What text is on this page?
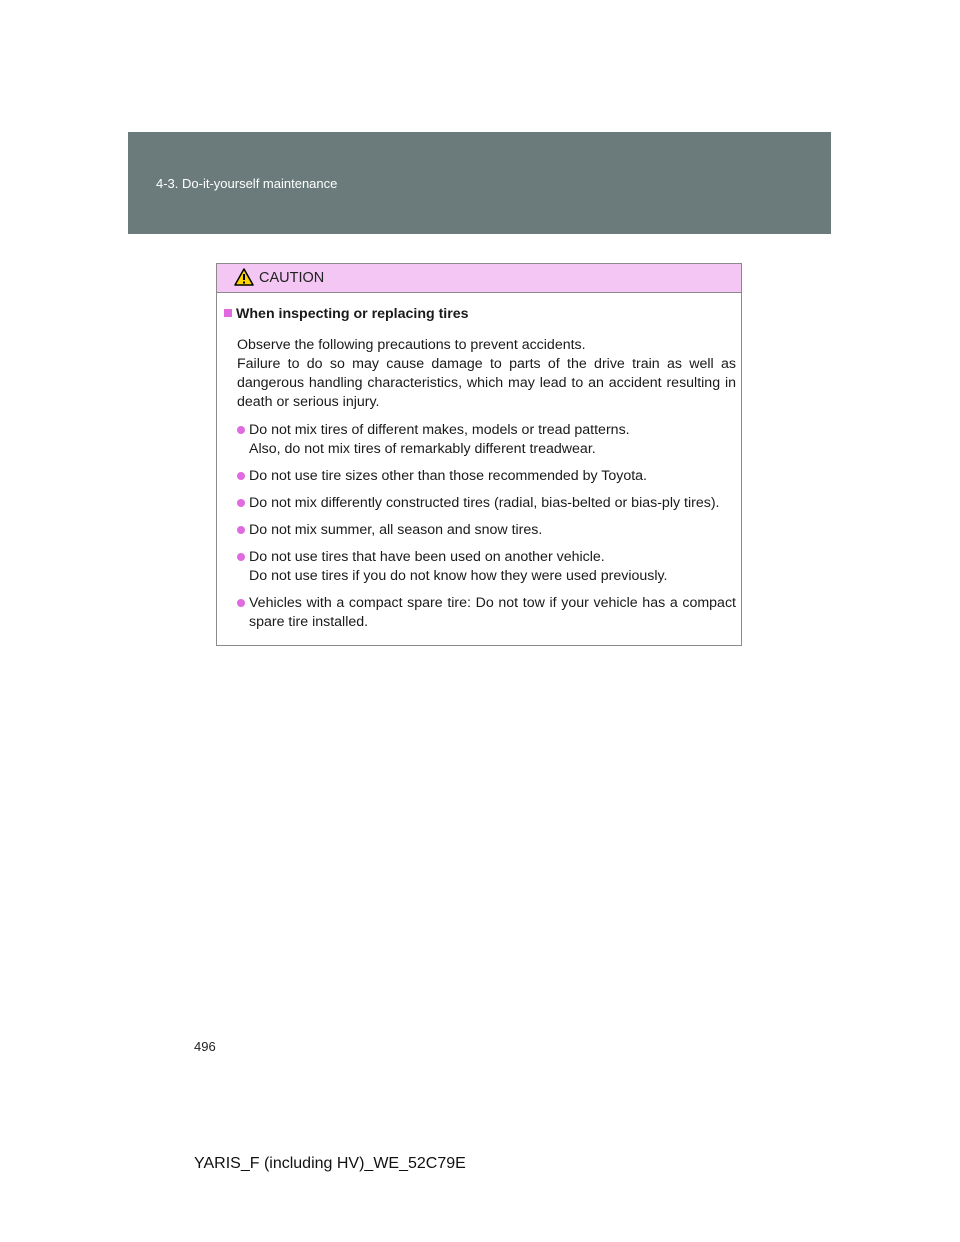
4-3. Do-it-yourself maintenance
CAUTION
When inspecting or replacing tires
Observe the following precautions to prevent accidents.
Failure to do so may cause damage to parts of the drive train as well as dangerous handling characteristics, which may lead to an accident resulting in death or serious injury.
Do not mix tires of different makes, models or tread patterns.
Also, do not mix tires of remarkably different treadwear.
Do not use tire sizes other than those recommended by Toyota.
Do not mix differently constructed tires (radial, bias-belted or bias-ply tires).
Do not mix summer, all season and snow tires.
Do not use tires that have been used on another vehicle.
Do not use tires if you do not know how they were used previously.
Vehicles with a compact spare tire: Do not tow if your vehicle has a compact spare tire installed.
496
YARIS_F (including HV)_WE_52C79E
